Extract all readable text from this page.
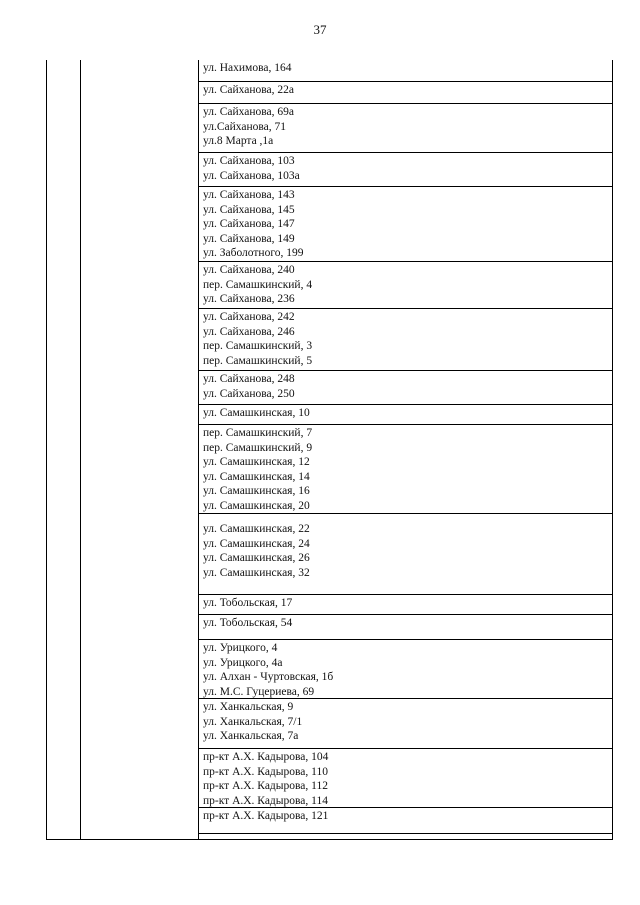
37
ул. Нахимова, 164
ул. Сайханова, 22а
ул. Сайханова, 69а
ул.Сайханова, 71
ул.8 Марта ,1а
ул. Сайханова, 103
ул. Сайханова, 103а
ул. Сайханова, 143
ул. Сайханова, 145
ул. Сайханова, 147
ул. Сайханова, 149
ул. Заболотного, 199
ул. Сайханова, 240
пер. Самашкинский, 4
ул. Сайханова, 236
ул. Сайханова, 242
ул. Сайханова, 246
пер. Самашкинский, 3
пер. Самашкинский, 5
ул. Сайханова, 248
ул. Сайханова, 250
ул. Самашкинская, 10
пер. Самашкинский, 7
пер. Самашкинский, 9
ул. Самашкинская, 12
ул. Самашкинская, 14
ул. Самашкинская, 16
ул. Самашкинская, 20
ул. Самашкинская, 22
ул. Самашкинская, 24
ул. Самашкинская, 26
ул. Самашкинская, 32
ул. Тобольская, 17
ул. Тобольская, 54
ул. Урицкого, 4
ул. Урицкого, 4а
ул. Алхан - Чуртовская, 1б
ул. М.С. Гуцериева, 69
ул. Ханкальская, 9
ул. Ханкальская, 7/1
ул. Ханкальская, 7а
пр-кт А.Х. Кадырова, 104
пр-кт А.Х. Кадырова, 110
пр-кт А.Х. Кадырова, 112
пр-кт А.Х. Кадырова, 114
пр-кт А.Х. Кадырова, 121
